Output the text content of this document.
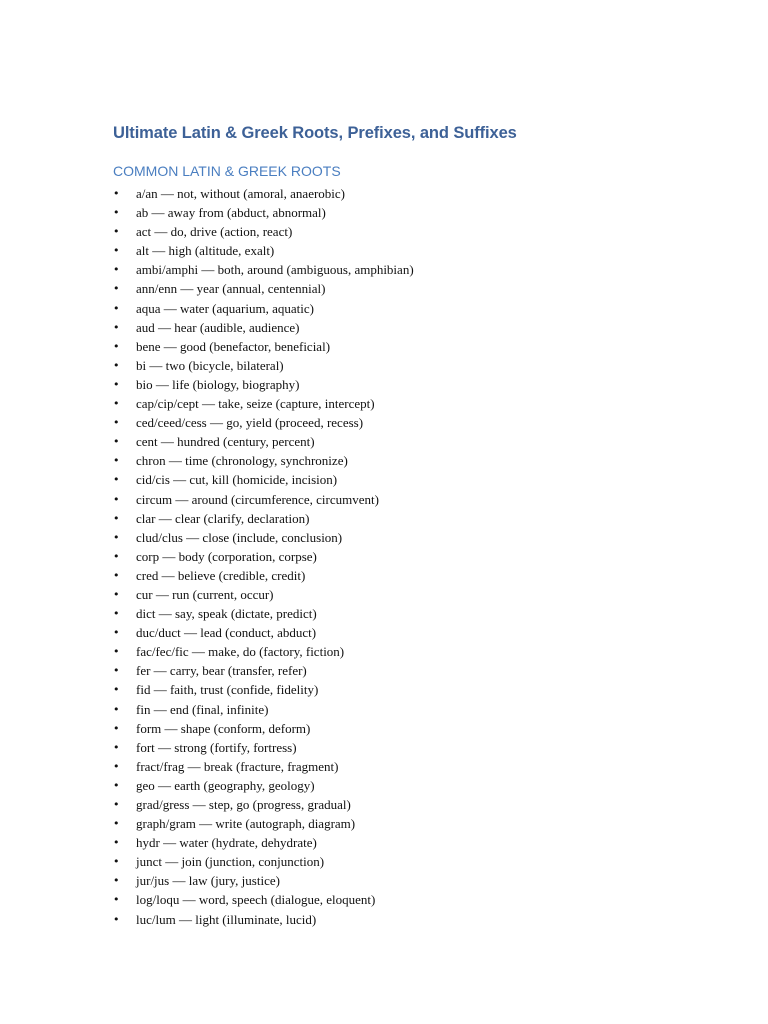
Ultimate Latin & Greek Roots, Prefixes, and Suffixes
COMMON LATIN & GREEK ROOTS
• a/an — not, without (amoral, anaerobic)
• ab — away from (abduct, abnormal)
• act — do, drive (action, react)
• alt — high (altitude, exalt)
• ambi/amphi — both, around (ambiguous, amphibian)
• ann/enn — year (annual, centennial)
• aqua — water (aquarium, aquatic)
• aud — hear (audible, audience)
• bene — good (benefactor, beneficial)
• bi — two (bicycle, bilateral)
• bio — life (biology, biography)
• cap/cip/cept — take, seize (capture, intercept)
• ced/ceed/cess — go, yield (proceed, recess)
• cent — hundred (century, percent)
• chron — time (chronology, synchronize)
• cid/cis — cut, kill (homicide, incision)
• circum — around (circumference, circumvent)
• clar — clear (clarify, declaration)
• clud/clus — close (include, conclusion)
• corp — body (corporation, corpse)
• cred — believe (credible, credit)
• cur — run (current, occur)
• dict — say, speak (dictate, predict)
• duc/duct — lead (conduct, abduct)
• fac/fec/fic — make, do (factory, fiction)
• fer — carry, bear (transfer, refer)
• fid — faith, trust (confide, fidelity)
• fin — end (final, infinite)
• form — shape (conform, deform)
• fort — strong (fortify, fortress)
• fract/frag — break (fracture, fragment)
• geo — earth (geography, geology)
• grad/gress — step, go (progress, gradual)
• graph/gram — write (autograph, diagram)
• hydr — water (hydrate, dehydrate)
• junct — join (junction, conjunction)
• jur/jus — law (jury, justice)
• log/loqu — word, speech (dialogue, eloquent)
• luc/lum — light (illuminate, lucid)
